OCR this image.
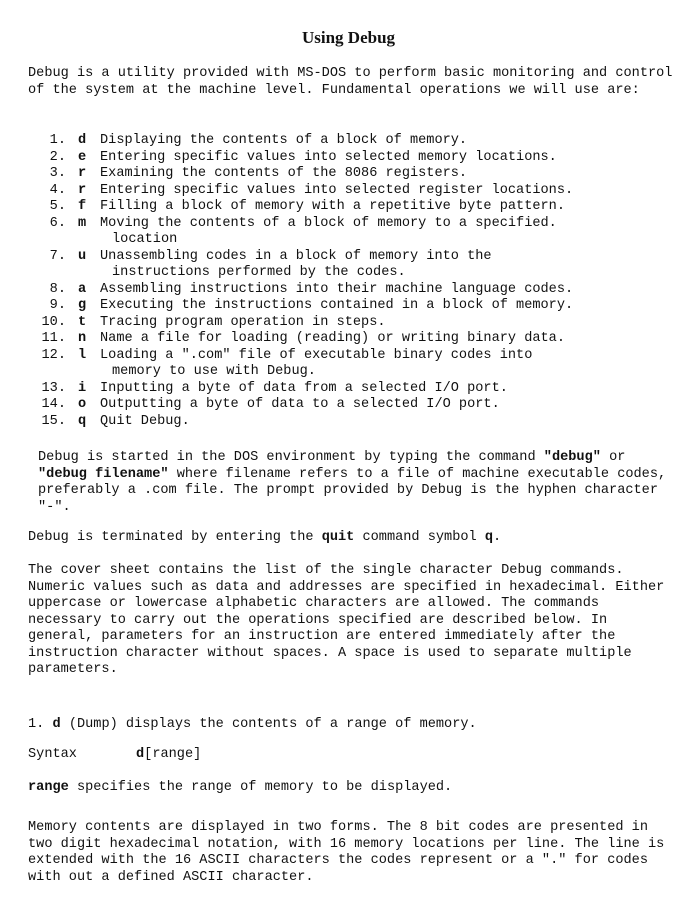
Using Debug
Debug is a utility provided with MS-DOS to perform basic monitoring and control of the system at the machine level. Fundamental operations we will use are:
1. d Displaying the contents of a block of memory.
2. e Entering specific values into selected memory locations.
3. r Examining the contents of the 8086 registers.
4. r Entering specific values into selected register locations.
5. f Filling a block of memory with a repetitive byte pattern.
6. m Moving the contents of a block of memory to a specified.
location
7. u Unassembling codes in a block of memory into the
instructions performed by the codes.
8. a Assembling instructions into their machine language codes.
9. g Executing the instructions contained in a block of memory.
10. t Tracing program operation in steps.
11. n Name a file for loading (reading) or writing binary data.
12. l Loading a ".com" file of executable binary codes into
memory to use with Debug.
13. i Inputting a byte of data from a selected I/O port.
14. o Outputting a byte of data to a selected I/O port.
15. q Quit Debug.
Debug is started in the DOS environment by typing the command "debug" or "debug filename" where filename refers to a file of machine executable codes, preferably a .com file. The prompt provided by Debug is the hyphen character "-".
Debug is terminated by entering the quit command symbol q.
The cover sheet contains the list of the single character Debug commands. Numeric values such as data and addresses are specified in hexadecimal. Either uppercase or lowercase alphabetic characters are allowed. The commands necessary to carry out the operations specified are described below. In general, parameters for an instruction are entered immediately after the instruction character without spaces. A space is used to separate multiple parameters.
1. d (Dump) displays the contents of a range of memory.
Syntax	d[range]
range specifies the range of memory to be displayed.
Memory contents are displayed in two forms. The 8 bit codes are presented in two digit hexadecimal notation, with 16 memory locations per line. The line is extended with the 16 ASCII characters the codes represent or a "." for codes with out a defined ASCII character.
